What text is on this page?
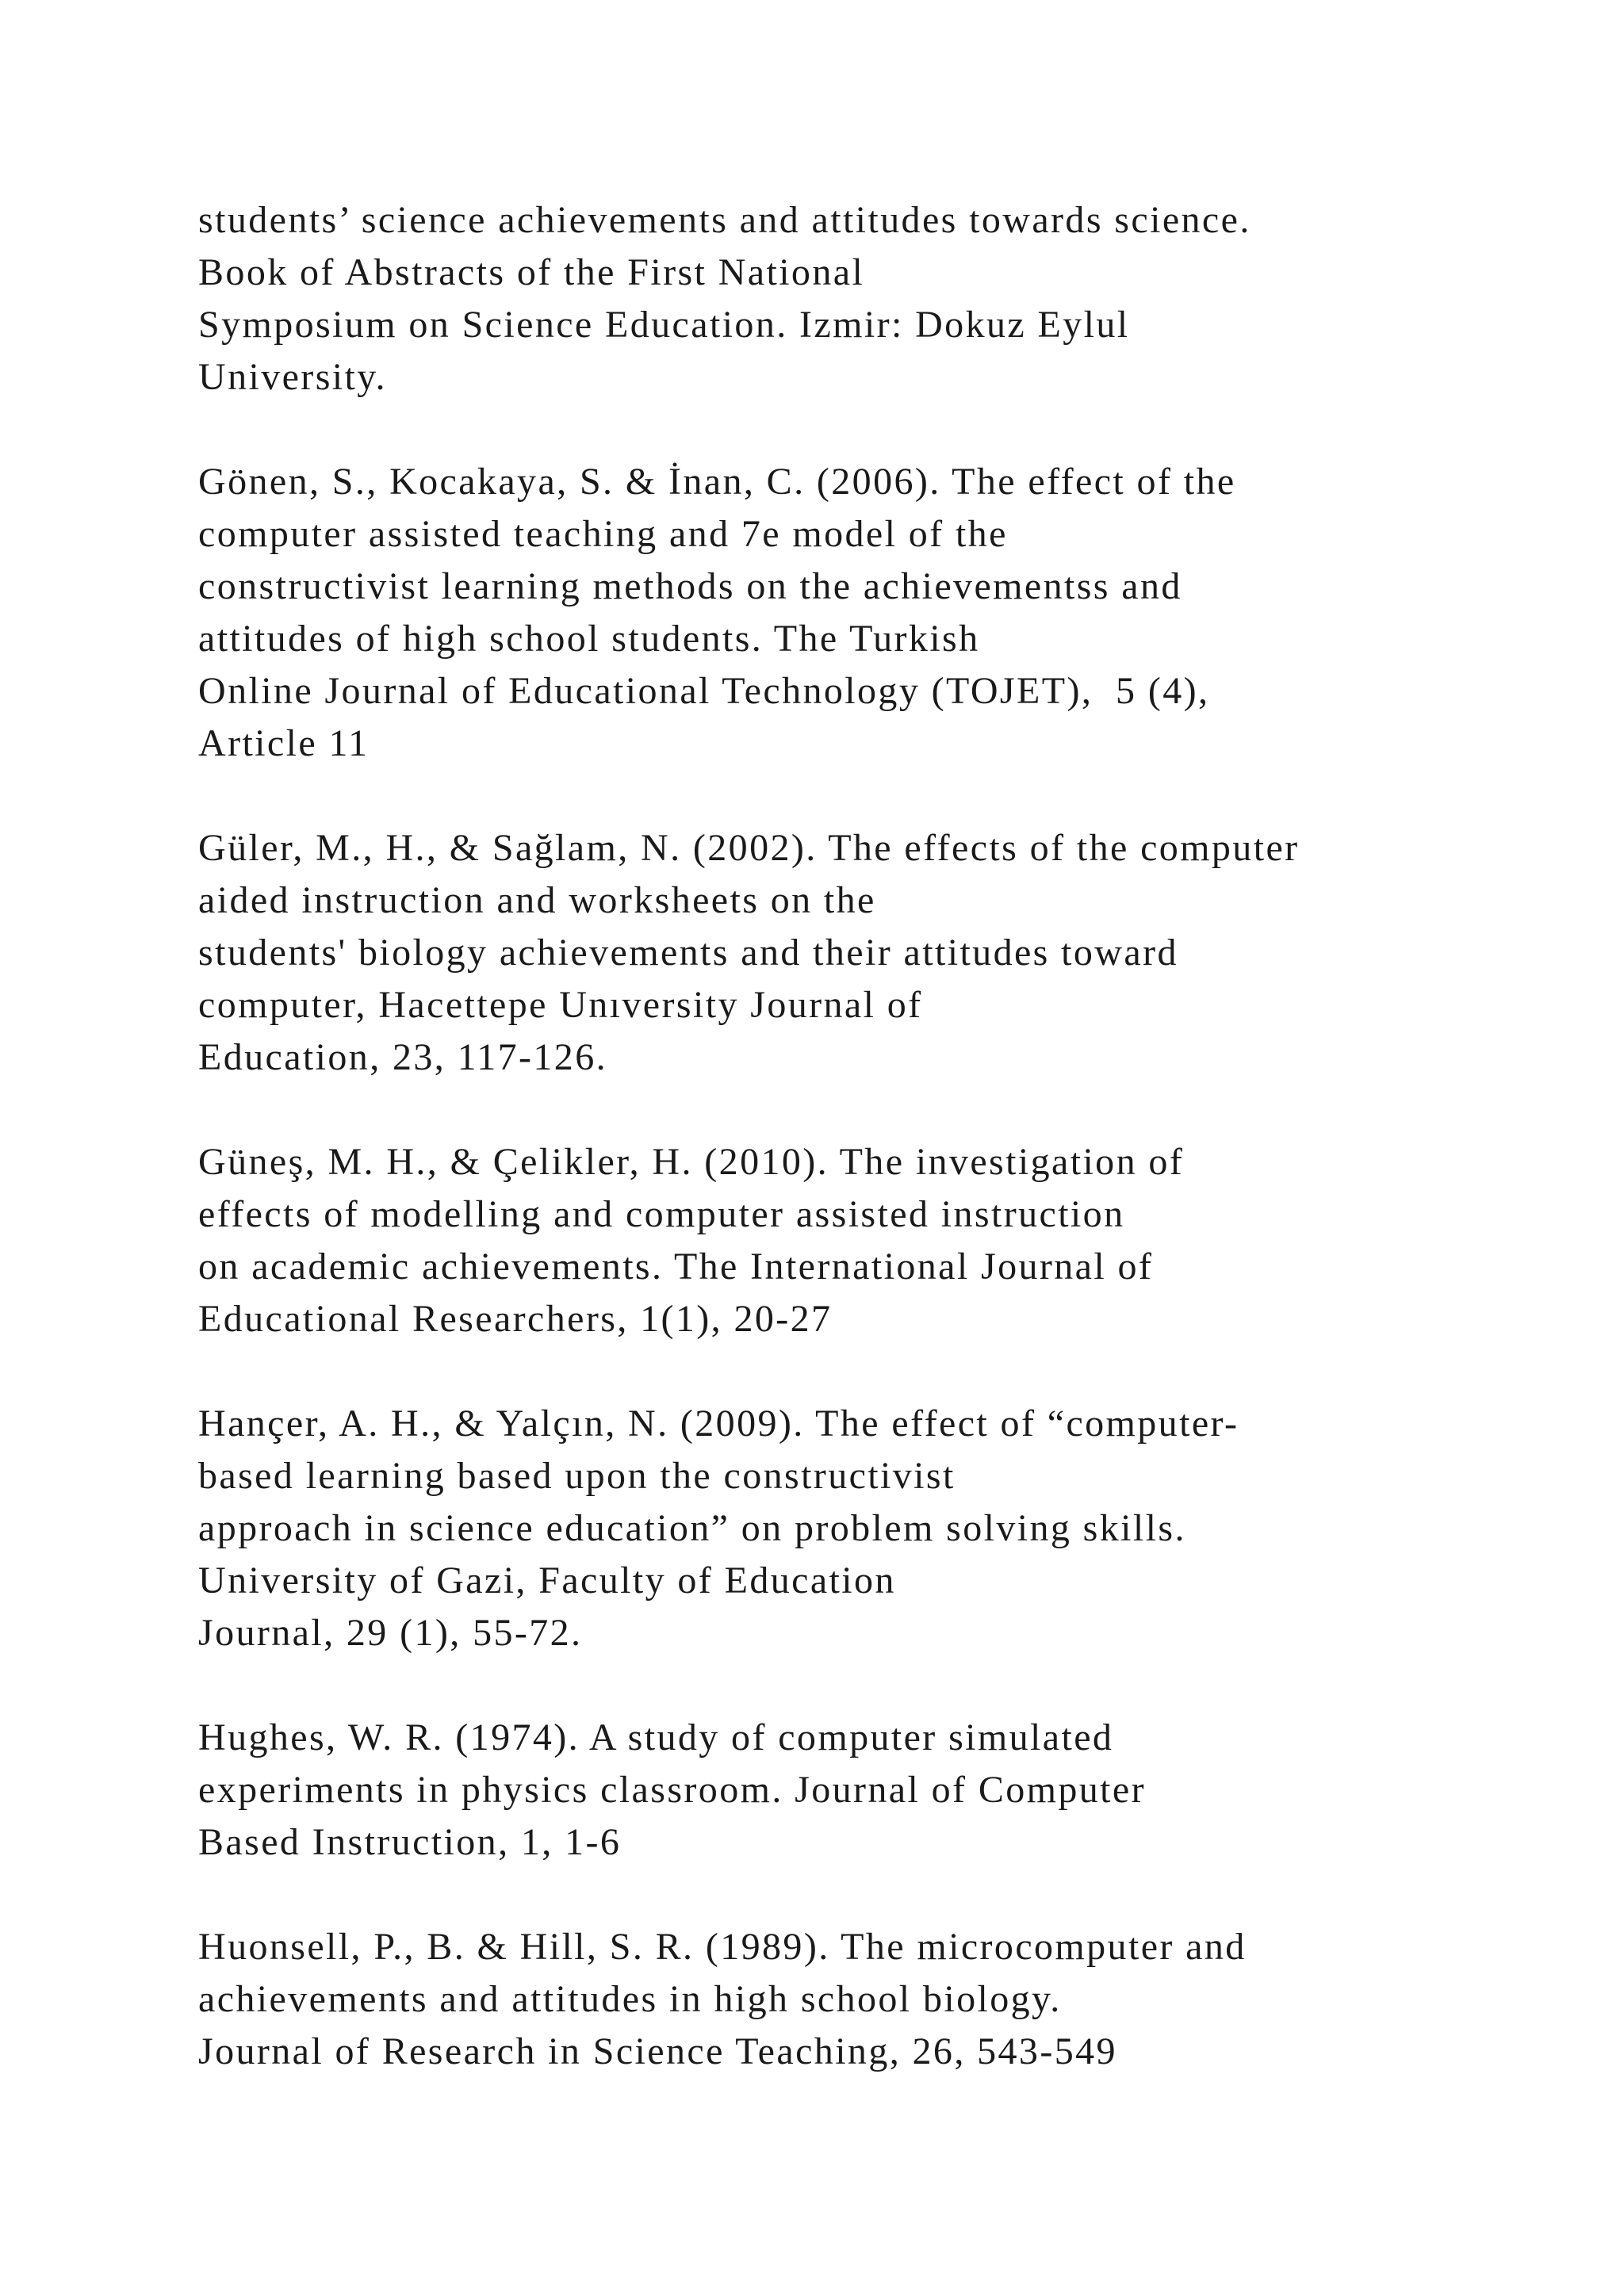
students’ science achievements and attitudes towards science.
Book of Abstracts of the First National
Symposium on Science Education. Izmir: Dokuz Eylul
University.
Gönen, S., Kocakaya, S. & İnan, C. (2006). The effect of the
computer assisted teaching and 7e model of the
constructivist learning methods on the achievementss and
attitudes of high school students. The Turkish
Online Journal of Educational Technology (TOJET),  5 (4),
Article 11
Güler, M., H., & Sağlam, N. (2002). The effects of the computer
aided instruction and worksheets on the
students' biology achievements and their attitudes toward
computer, Hacettepe Unıversity Journal of
Education, 23, 117-126.
Güneş, M. H., & Çelikler, H. (2010). The investigation of
effects of modelling and computer assisted instruction
on academic achievements. The International Journal of
Educational Researchers, 1(1), 20-27
Hançer, A. H., & Yalçın, N. (2009). The effect of “computer-
based learning based upon the constructivist
approach in science education” on problem solving skills.
University of Gazi, Faculty of Education
Journal, 29 (1), 55-72.
Hughes, W. R. (1974). A study of computer simulated
experiments in physics classroom. Journal of Computer
Based Instruction, 1, 1-6
Huonsell, P., B. & Hill, S. R. (1989). The microcomputer and
achievements and attitudes in high school biology.
Journal of Research in Science Teaching, 26, 543-549
